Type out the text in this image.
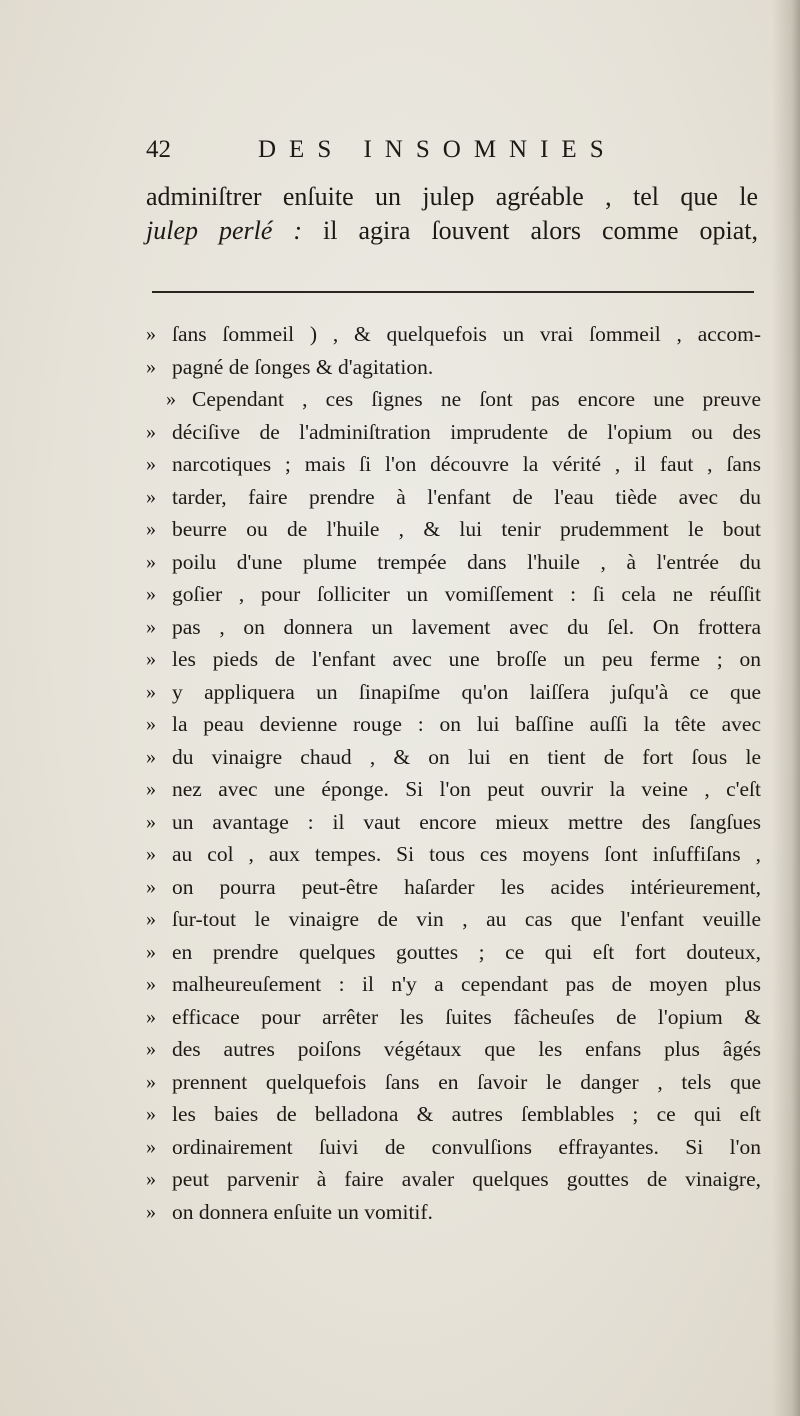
42	DES INSOMNIES
adminiſtrer enſuite un julep agréable , tel que le
julep perlé : il agira ſouvent alors comme opiat,
» ſans ſommeil ) , & quelquefois un vrai ſommeil , accom-
» pagné de ſonges & d'agitation.
» Cependant , ces ſignes ne ſont pas encore une preuve
» déciſive de l'adminiſtration imprudente de l'opium ou des
» narcotiques ; mais ſi l'on découvre la vérité , il faut , ſans
» tarder, faire prendre à l'enfant de l'eau tiède avec du
» beurre ou de l'huile , & lui tenir prudemment le bout
» poilu d'une plume trempée dans l'huile , à l'entrée du
» goſier , pour ſolliciter un vomiſſement : ſi cela ne réuſſit
» pas , on donnera un lavement avec du ſel. On frottera
» les pieds de l'enfant avec une broſſe un peu ferme ; on
» y appliquera un ſinapiſme qu'on laiſſera juſqu'à ce que
» la peau devienne rouge : on lui baſſine auſſi la tête avec
» du vinaigre chaud , & on lui en tient de fort ſous le
» nez avec une éponge. Si l'on peut ouvrir la veine , c'eſt
» un avantage : il vaut encore mieux mettre des ſangſues
» au col , aux tempes. Si tous ces moyens ſont inſuffiſans ,
» on pourra peut-être haſarder les acides intérieurement,
» ſur-tout le vinaigre de vin , au cas que l'enfant veuille
» en prendre quelques gouttes ; ce qui eſt fort douteux,
» malheureuſement : il n'y a cependant pas de moyen plus
» efficace pour arrêter les ſuites fâcheuſes de l'opium &
» des autres poiſons végétaux que les enfans plus âgés
» prennent quelquefois ſans en ſavoir le danger , tels que
» les baies de belladona & autres ſemblables ; ce qui eſt
» ordinairement ſuivi de convulſions effrayantes. Si l'on
» peut parvenir à faire avaler quelques gouttes de vinaigre,
» on donnera enſuite un vomitif.
